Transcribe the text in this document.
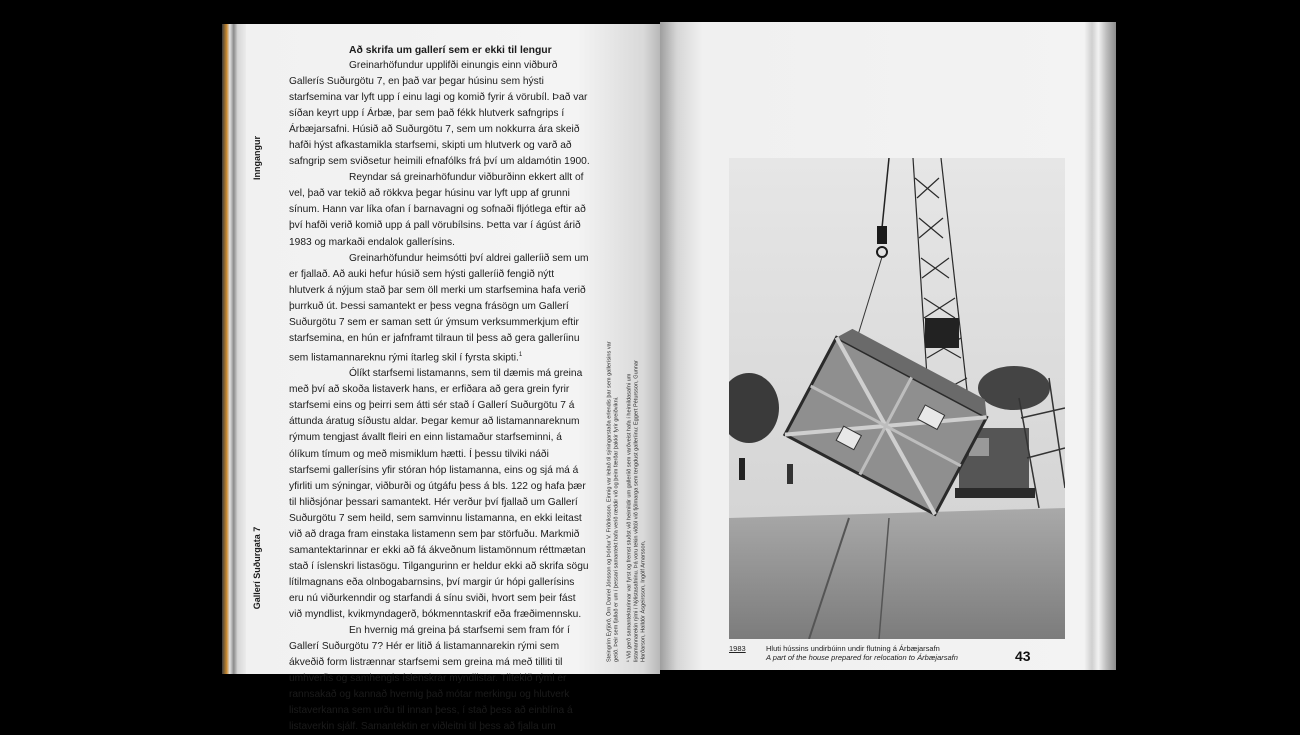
Inngangur
Gallerí Suðurgata 7
Að skrifa um gallerí sem er ekki til lengur

Greinarhöfundur upplifði einungis einn viðburð Gallerís Suðurgötu 7, en það var þegar húsinu sem hýsti starfsemina var lyft upp í einu lagi og komið fyrir á vörubíl. Það var síðan keyrt upp í Árbæ, þar sem það fékk hlutverk safngrips í Árbæjarsafni. Húsið að Suðurgötu 7, sem um nokkurra ára skeið hafði hýst afkastamikla starfsemi, skipti um hlutverk og varð að safngrip sem sviðsetur heimili efnafólks frá því um aldamótin 1900.

Reyndar sá greinarhöfundur viðburðinn ekkert allt of vel, það var tekið að rökkva þegar húsinu var lyft upp af grunni sínum. Hann var líka ofan í barnavagni og sofnaði fljótlega eftir að því hafði verið komið upp á pall vörubílsins. Þetta var í ágúst árið 1983 og markaði endalok gallerísins.

Greinarhöfundur heimsótti því aldrei galleríið sem um er fjallað. Að auki hefur húsið sem hýsti galleríið fengið nýtt hlutverk á nýjum stað þar sem öll merki um starfsemina hafa verið þurrkuð út. Þessi samantekt er þess vegna frásögn um Gallerí Suðurgötu 7 sem er saman sett úr ýmsum verksummerkjum eftir starfsemina, en hún er jafnframt tilraun til þess að gera galleríinu sem listamannareknu rými ítarleg skil í fyrsta skipti.$^1$

Ólíkt starfsemi listamanns, sem til dæmis má greina með því að skoða listaverk hans, er erfiðara að gera grein fyrir starfsemi eins og þeirri sem átti sér stað í Gallerí Suðurgötu 7 á áttunda áratug síðustu aldar. Þegar kemur að listamannareknum rýmum tengjast ávallt fleiri en einn listamaður starfseminni, á ólíkum tímum og með mismiklum hætti. Í þessu tilviki náði starfsemi gallerísins yfir stóran hóp listamanna, eins og sjá má á yfirliti um sýningar, viðburði og útgáfu þess á bls. 122 og hafa þær til hliðsjónar þessari samantekt. Hér verður því fjallað um Gallerí Suðurgötu 7 sem heild, sem samvinnu listamanna, en ekki leitast við að draga fram einstaka listamenn sem þar störfuðu. Markmið samantektarinnar er ekki að fá ákveðnum listamönnum réttmætan stað í íslenskri listasögu. Tilgangurinn er heldur ekki að skrifa sögu lítilmagnans eða olnbogabarnsins, því margir úr hópi gallerísins eru nú viðurkenndir og starfandi á sínu sviði, hvort sem þeir fást við myndlist, kvikmyndagerð, bókmenntaskrif eða fræðimennsku.

En hvernig má greina þá starfsemi sem fram fór í Gallerí Suðurgötu 7? Hér er litið á listamannarekin rými sem ákveðið form listrænnar starfsemi sem greina má með tilliti til umhverfis og samhengis íslenskrar myndlistar. Tiltekið rými er rannsakað og kannað hvernig það mótar merkingu og hlutverk listaverkanna sem urðu til innan þess, í stað þess að einblína á listaverkin sjálf. Samantektin er viðleitni til þess að fjalla um

Steingrím Eyfjörð, Örn Daníel Jónsson og Þórður V. Friðriksson. Einnig var leitað til sýningarstaða erlendis þar sem gallerísins var getið. Þeir sem fjallað er um í þessari samantekt hafa verið ræddir við og þeim færðar þakkir fyrir greiðvikni. ¹ Við gerð samantektarinnar var fyrst og fremst stuðst við heimildir um galleríið sem varðveist hafa í heimildasafni um listamannarekin rými í Nýlistasafninu. Þá voru tekin viðtöl við fjölmarga sem tengdust galleríinu: Eggert Pétursson, Gunnar Harðarson, Halldór Ásgeirsson, Ingólf Arnarsson,	1983	Hluti hússins undirbúinn undir flutning á Árbæjarsafn
A part of the house prepared for relocation to Árbæjarsafn	43
